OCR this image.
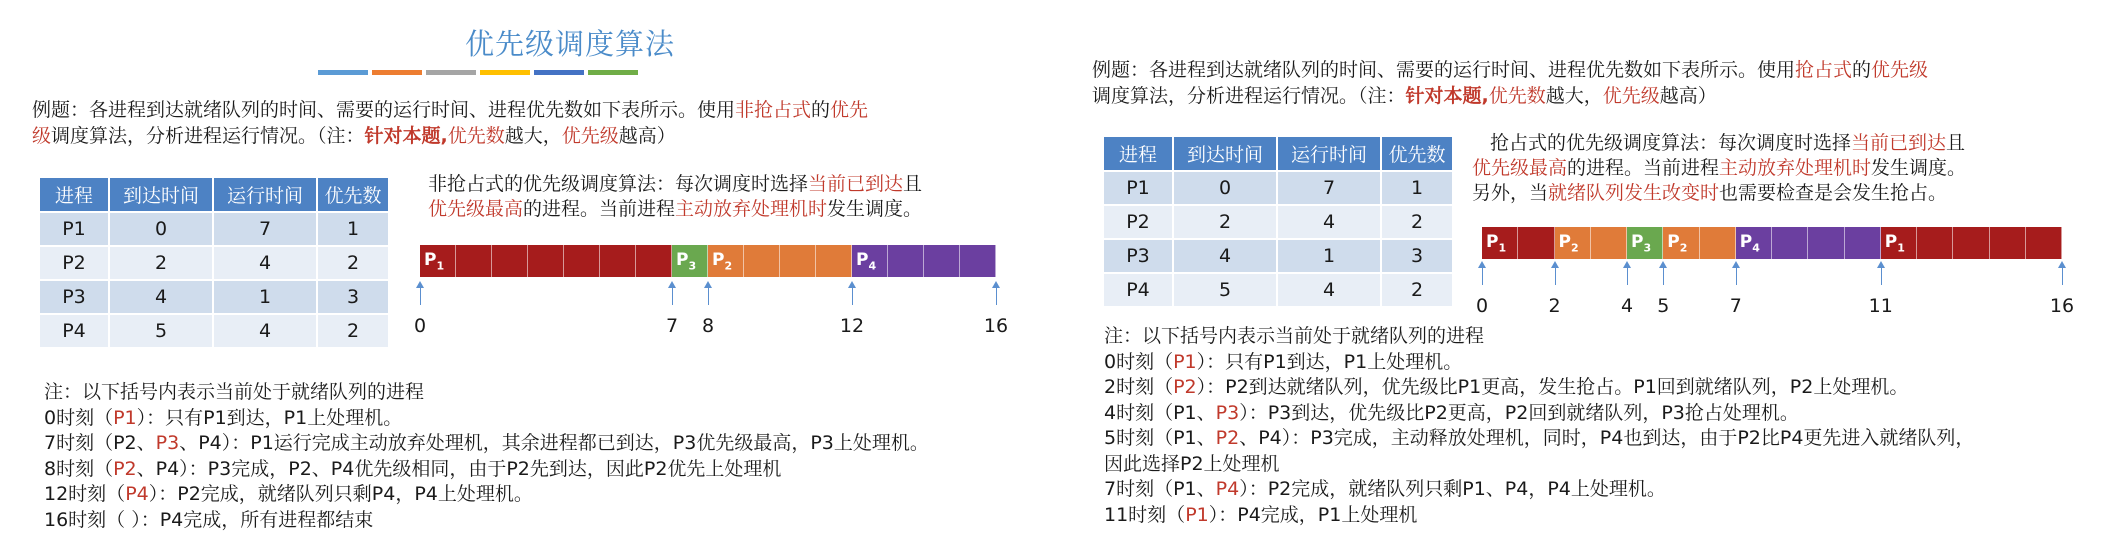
优先级调度算法
例题：各进程到达就绪队列的时间、需要的运行时间、进程优先数如下表所示。使用非抢占式的优先
级调度算法，分析进程运行情况。（注：针对本题,优先数越大，优先级越高）
进程	到达时间	运行时间	优先数
P1	0	7	1
P2	2	4	2
P3	4	1	3
P4	5	4	2
非抢占式的优先级调度算法：每次调度时选择当前已到达且
优先级最高的进程。当前进程主动放弃处理机时发生调度。
$P_1$	$P_3$ $P_2$	$P_4$
0	7	8	12	16
注：以下括号内表示当前处于就绪队列的进程
0时刻（P1）：只有P1到达，P1上处理机。
7时刻（P2、P3、P4）：P1运行完成主动放弃处理机，其余进程都已到达，P3优先级最高，P3上处理机。
8时刻（P2、P4）：P3完成，P2、P4优先级相同，由于P2先到达，因此P2优先上处理机
12时刻（P4）：P2完成，就绪队列只剩P4，P4上处理机。
16时刻（ ）：P4完成，所有进程都结束
例题：各进程到达就绪队列的时间、需要的运行时间、进程优先数如下表所示。使用抢占式的优先级
调度算法，分析进程运行情况。（注：针对本题,优先数越大，优先级越高）
进程	到达时间	运行时间	优先数
P1	0	7	1
P2	2	4	2
P3	4	1	3
P4	5	4	2
抢占式的优先级调度算法：每次调度时选择当前已到达且
优先级最高的进程。当前进程主动放弃处理机时发生调度。
另外，当就绪队列发生改变时也需要检查是会发生抢占。
$P_1$	$P_2$	$P_3$ $P_2$	$P_4$	$P_1$
0	2	4	5	7	11	16
注：以下括号内表示当前处于就绪队列的进程
0时刻（P1）：只有P1到达，P1上处理机。
2时刻（P2）：P2到达就绪队列，优先级比P1更高，发生抢占。P1回到就绪队列，P2上处理机。
4时刻（P1、P3）：P3到达，优先级比P2更高，P2回到就绪队列，P3抢占处理机。
5时刻（P1、P2、P4）：P3完成，主动释放处理机，同时，P4也到达，由于P2比P4更先进入就绪队列，
因此选择P2上处理机
7时刻（P1、P4）：P2完成，就绪队列只剩P1、P4，P4上处理机。
11时刻（P1）：P4完成，P1上处理机
